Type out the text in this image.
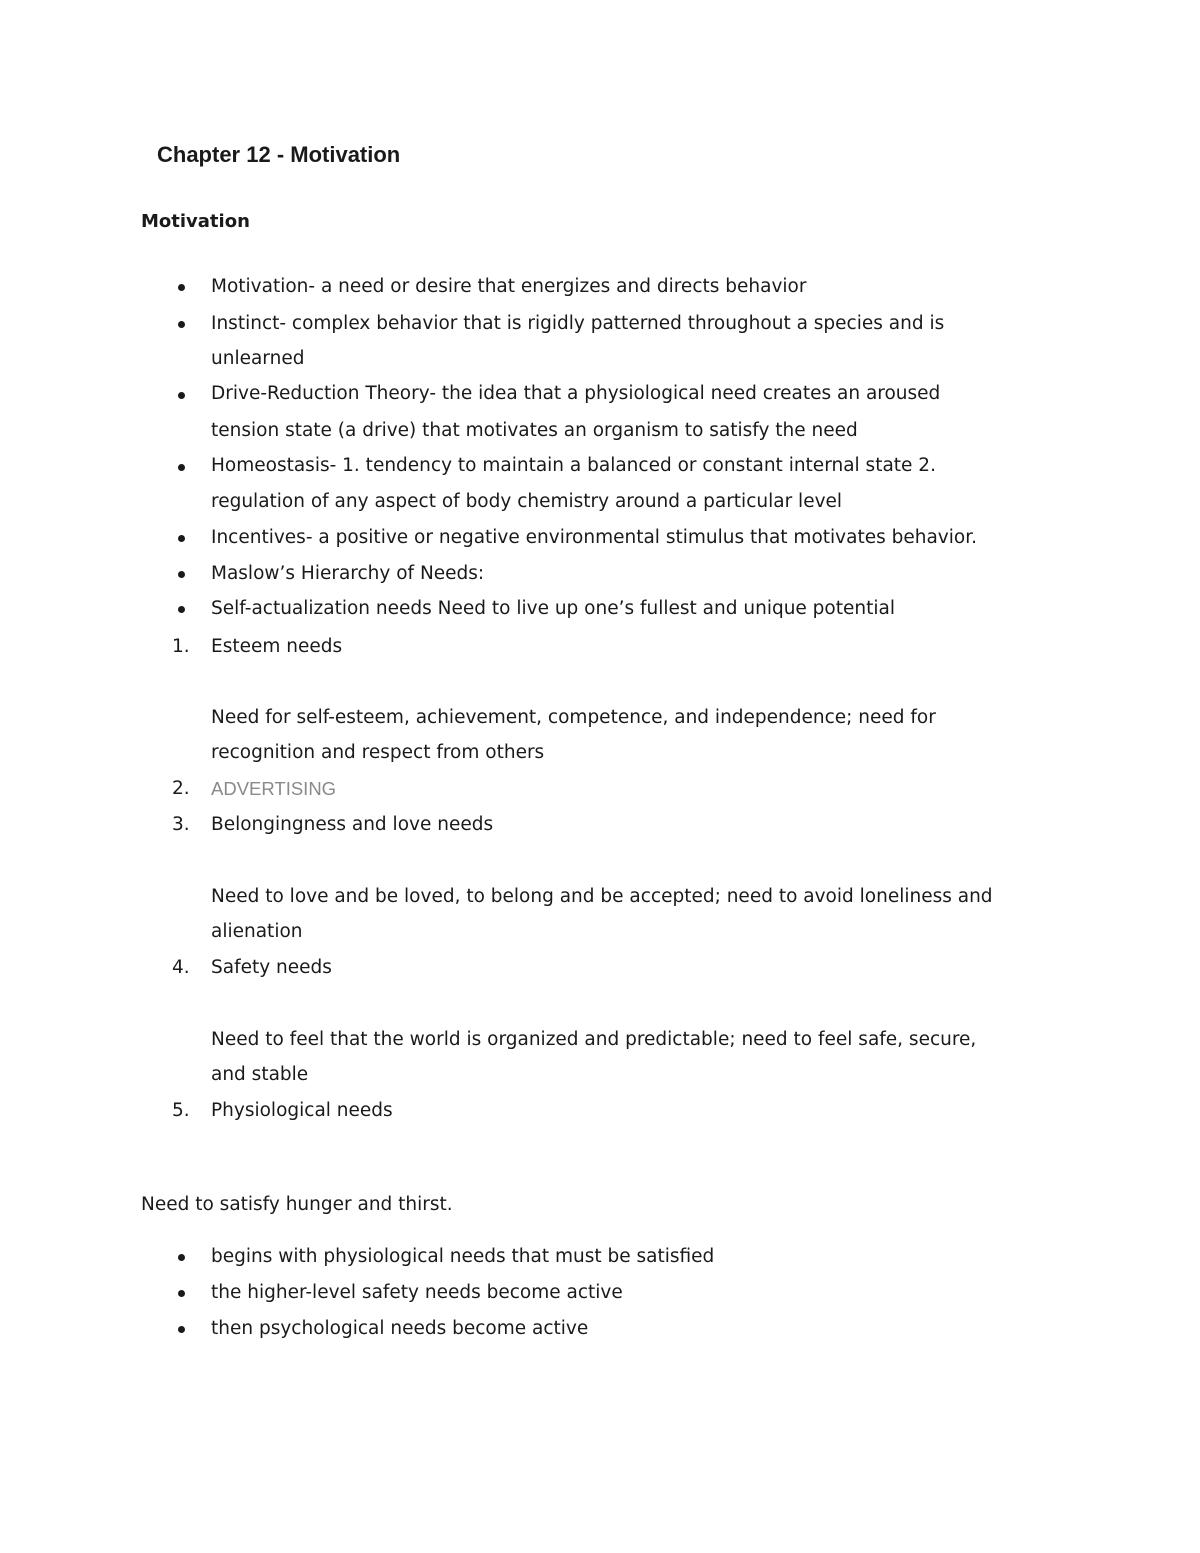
Chapter 12 - Motivation
Motivation
Motivation- a need or desire that energizes and directs behavior
Instinct- complex behavior that is rigidly patterned throughout a species and is
unlearned
Drive-Reduction Theory- the idea that a physiological need creates an aroused
tension state (a drive) that motivates an organism to satisfy the need
Homeostasis- 1. tendency to maintain a balanced or constant internal state 2.
regulation of any aspect of body chemistry around a particular level
Incentives- a positive or negative environmental stimulus that motivates behavior.
Maslow’s Hierarchy of Needs:
Self-actualization needs Need to live up one’s fullest and unique potential
1.	Esteem needs
Need for self-esteem, achievement, competence, and independence; need for
recognition and respect from others
2.	ADVERTISING
3.	Belongingness and love needs
Need to love and be loved, to belong and be accepted; need to avoid loneliness and
alienation
4.	Safety needs
Need to feel that the world is organized and predictable; need to feel safe, secure,
and stable
5.	Physiological needs
Need to satisfy hunger and thirst.
begins with physiological needs that must be satisfied
the higher-level safety needs become active
then psychological needs become active
